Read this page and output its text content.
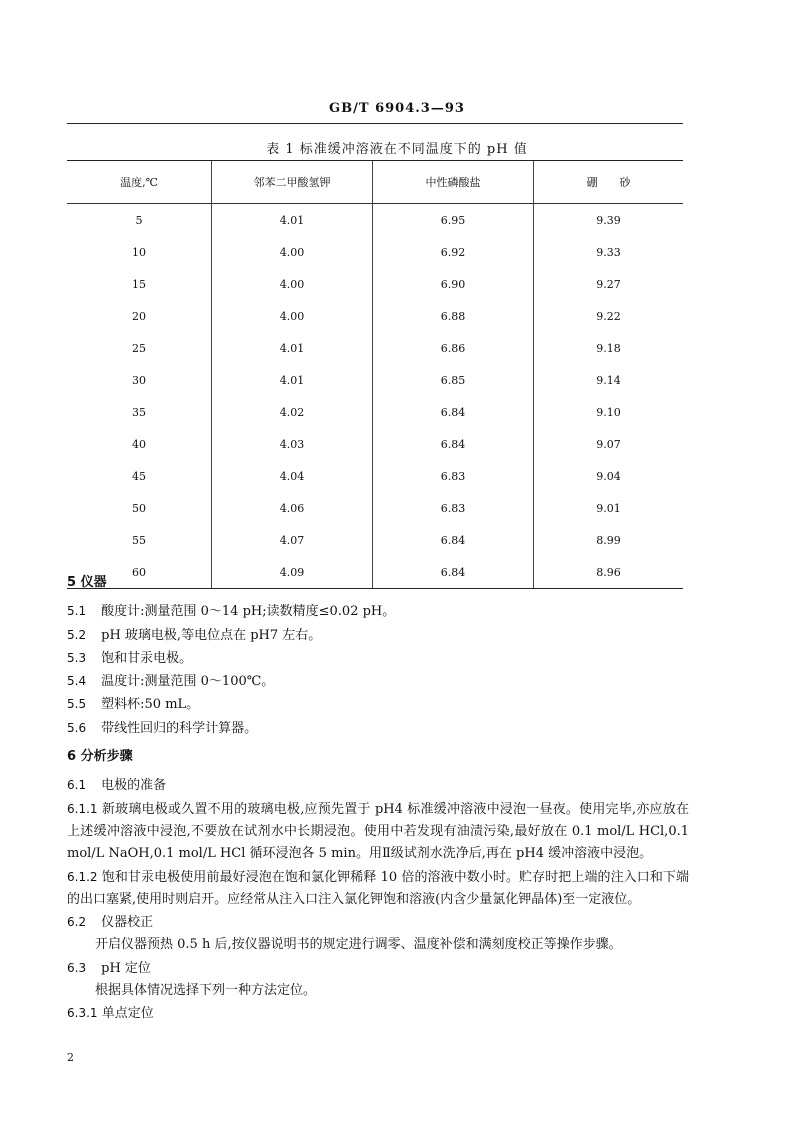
GB/T 6904.3—93
表 1 标准缓冲溶液在不同温度下的 pH 值
温度,℃	邻苯二甲酸氢钾	中性磷酸盐	硼　　砂
5	4.01	6.95	9.39
10	4.00	6.92	9.33
15	4.00	6.90	9.27
20	4.00	6.88	9.22
25	4.01	6.86	9.18
30	4.01	6.85	9.14
35	4.02	6.84	9.10
40	4.03	6.84	9.07
45	4.04	6.83	9.04
50	4.06	6.83	9.01
55	4.07	6.84	8.99
60	4.09	6.84	8.96

5 仪器

5.1 酸度计:测量范围 0～14 pH;读数精度≤0.02 pH。

5.2 pH 玻璃电极,等电位点在 pH7 左右。

5.3 饱和甘汞电极。

5.4 温度计:测量范围 0～100℃。

5.5 塑料杯:50 mL。

5.6 带线性回归的科学计算器。

6 分析步骤

6.1 电极的准备

6.1.1 新玻璃电极或久置不用的玻璃电极,应预先置于 pH4 标准缓冲溶液中浸泡一昼夜。使用完毕,亦应放在上述缓冲溶液中浸泡,不要放在试剂水中长期浸泡。使用中若发现有油渍污染,最好放在 0.1 mol/L HCl,0.1 mol/L NaOH,0.1 mol/L HCl 循环浸泡各 5 min。用Ⅱ级试剂水洗净后,再在 pH4 缓冲溶液中浸泡。

6.1.2 饱和甘汞电极使用前最好浸泡在饱和氯化钾稀释 10 倍的溶液中数小时。贮存时把上端的注入口和下端的出口塞紧,使用时则启开。应经常从注入口注入氯化钾饱和溶液(内含少量氯化钾晶体)至一定液位。

6.2 仪器校正

开启仪器预热 0.5 h 后,按仪器说明书的规定进行调零、温度补偿和满刻度校正等操作步骤。

6.3 pH 定位

根据具体情况选择下列一种方法定位。

6.3.1 单点定位

2
